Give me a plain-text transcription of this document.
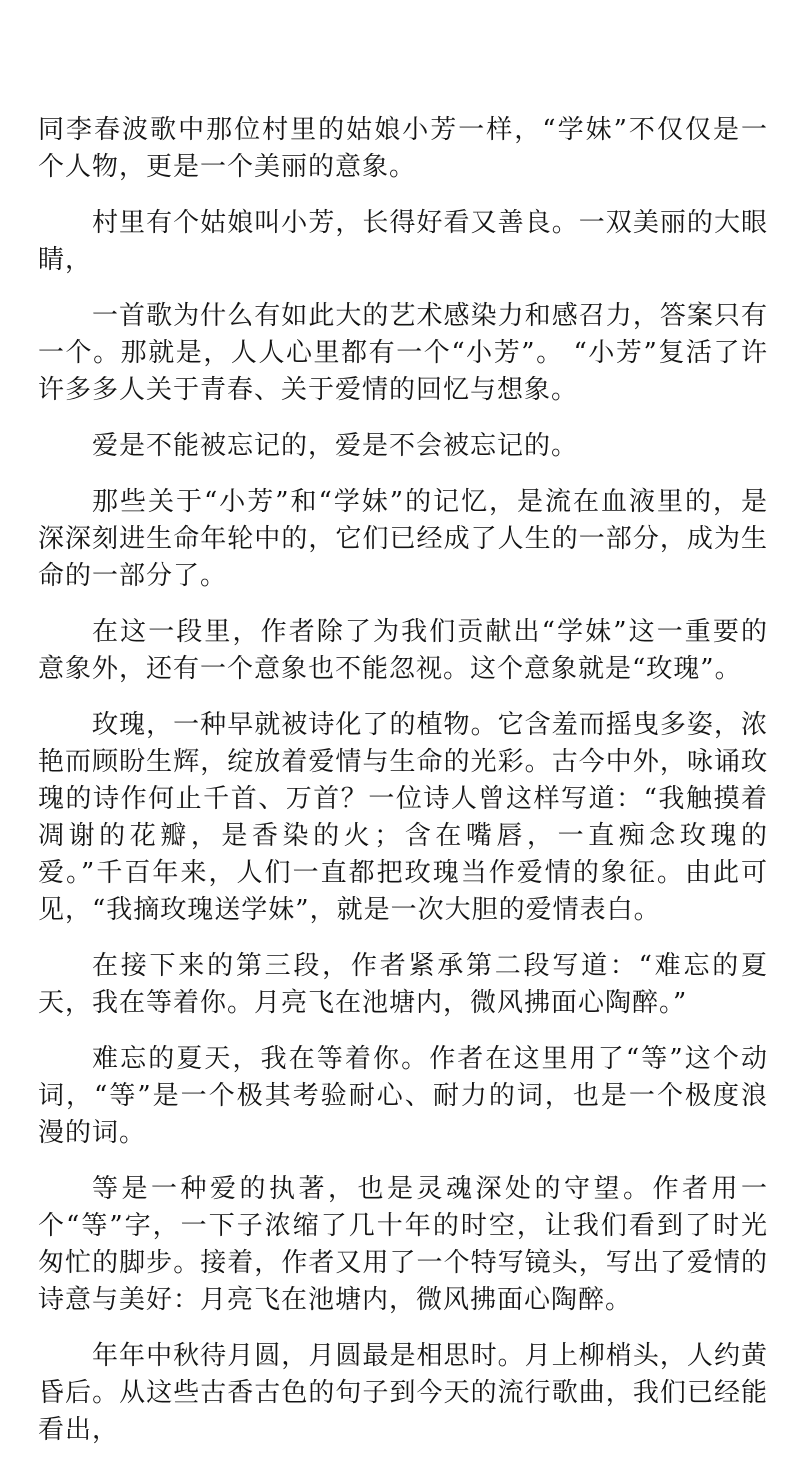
同李春波歌中那位村里的姑娘小芳一样，“学妹”不仅仅是一个人物，更是一个美丽的意象。

村里有个姑娘叫小芳，长得好看又善良。一双美丽的大眼睛，

一首歌为什么有如此大的艺术感染力和感召力，答案只有一个。那就是，人人心里都有一个“小芳”。 “小芳”复活了许许多多人关于青春、关于爱情的回忆与想象。

爱是不能被忘记的，爱是不会被忘记的。

那些关于“小芳”和“学妹”的记忆，是流在血液里的，是深深刻进生命年轮中的，它们已经成了人生的一部分，成为生命的一部分了。

在这一段里，作者除了为我们贡献出“学妹”这一重要的意象外，还有一个意象也不能忽视。这个意象就是“玫瑰”。

玫瑰，一种早就被诗化了的植物。它含羞而摇曳多姿，浓艳而顾盼生辉，绽放着爱情与生命的光彩。古今中外，咏诵玫瑰的诗作何止千首、万首？一位诗人曾这样写道：“我触摸着凋谢的花瓣，是香染的火；含在嘴唇，一直痴念玫瑰的爱。”千百年来，人们一直都把玫瑰当作爱情的象征。由此可见，“我摘玫瑰送学妹”，就是一次大胆的爱情表白。

在接下来的第三段，作者紧承第二段写道：“难忘的夏天，我在等着你。月亮飞在池塘内，微风拂面心陶醉。”

难忘的夏天，我在等着你。作者在这里用了“等”这个动词，“等”是一个极其考验耐心、耐力的词，也是一个极度浪漫的词。

等是一种爱的执著，也是灵魂深处的守望。作者用一个“等”字，一下子浓缩了几十年的时空，让我们看到了时光匆忙的脚步。接着，作者又用了一个特写镜头，写出了爱情的诗意与美好：月亮飞在池塘内，微风拂面心陶醉。

年年中秋待月圆，月圆最是相思时。月上柳梢头，人约黄昏后。从这些古香古色的句子到今天的流行歌曲，我们已经能看出，
